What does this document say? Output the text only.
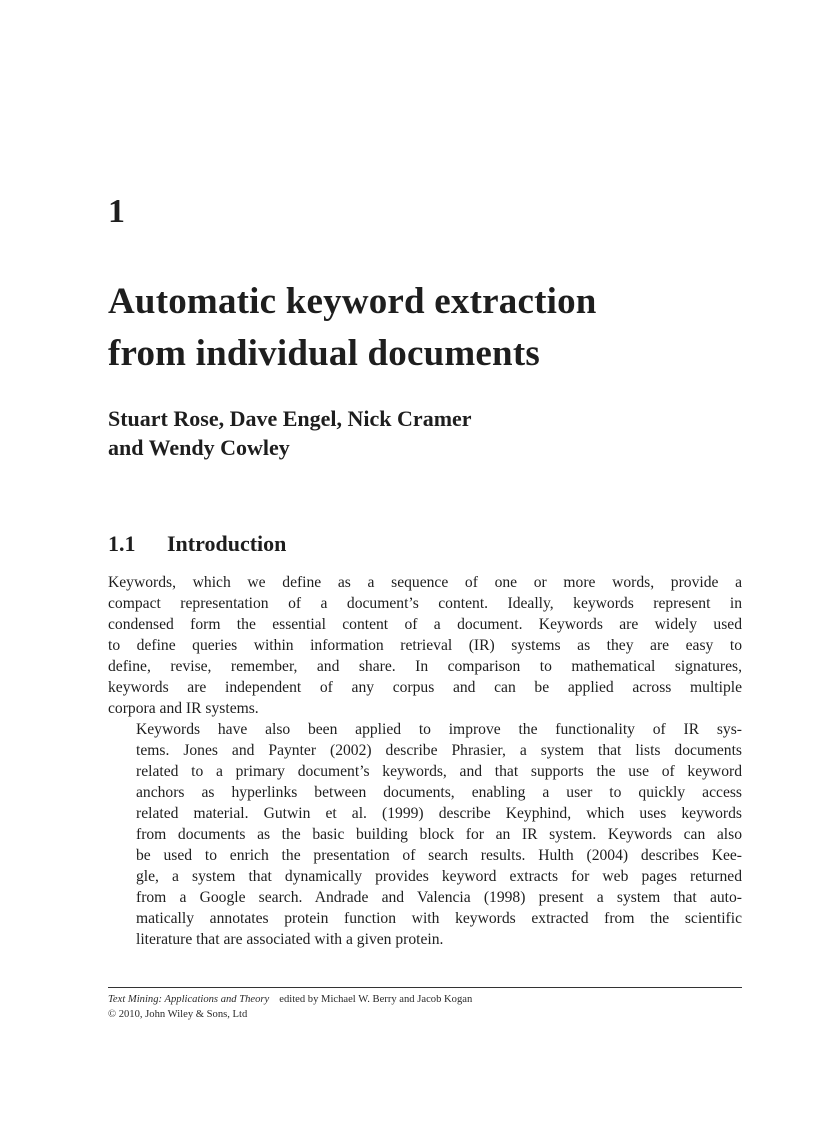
1
Automatic keyword extraction
from individual documents
Stuart Rose, Dave Engel, Nick Cramer
and Wendy Cowley
1.1 Introduction

Keywords, which we define as a sequence of one or more words, provide a
compact representation of a document’s content. Ideally, keywords represent in
condensed form the essential content of a document. Keywords are widely used
to define queries within information retrieval (IR) systems as they are easy to
define, revise, remember, and share. In comparison to mathematical signatures,
keywords are independent of any corpus and can be applied across multiple
corpora and IR systems.

Keywords have also been applied to improve the functionality of IR sys-
tems. Jones and Paynter (2002) describe Phrasier, a system that lists documents
related to a primary document’s keywords, and that supports the use of keyword
anchors as hyperlinks between documents, enabling a user to quickly access
related material. Gutwin et al. (1999) describe Keyphind, which uses keywords
from documents as the basic building block for an IR system. Keywords can also
be used to enrich the presentation of search results. Hulth (2004) describes Kee-
gle, a system that dynamically provides keyword extracts for web pages returned
from a Google search. Andrade and Valencia (1998) present a system that auto-
matically annotates protein function with keywords extracted from the scientific
literature that are associated with a given protein.

Text Mining: Applications and Theory edited by Michael W. Berry and Jacob Kogan
© 2010, John Wiley & Sons, Ltd
